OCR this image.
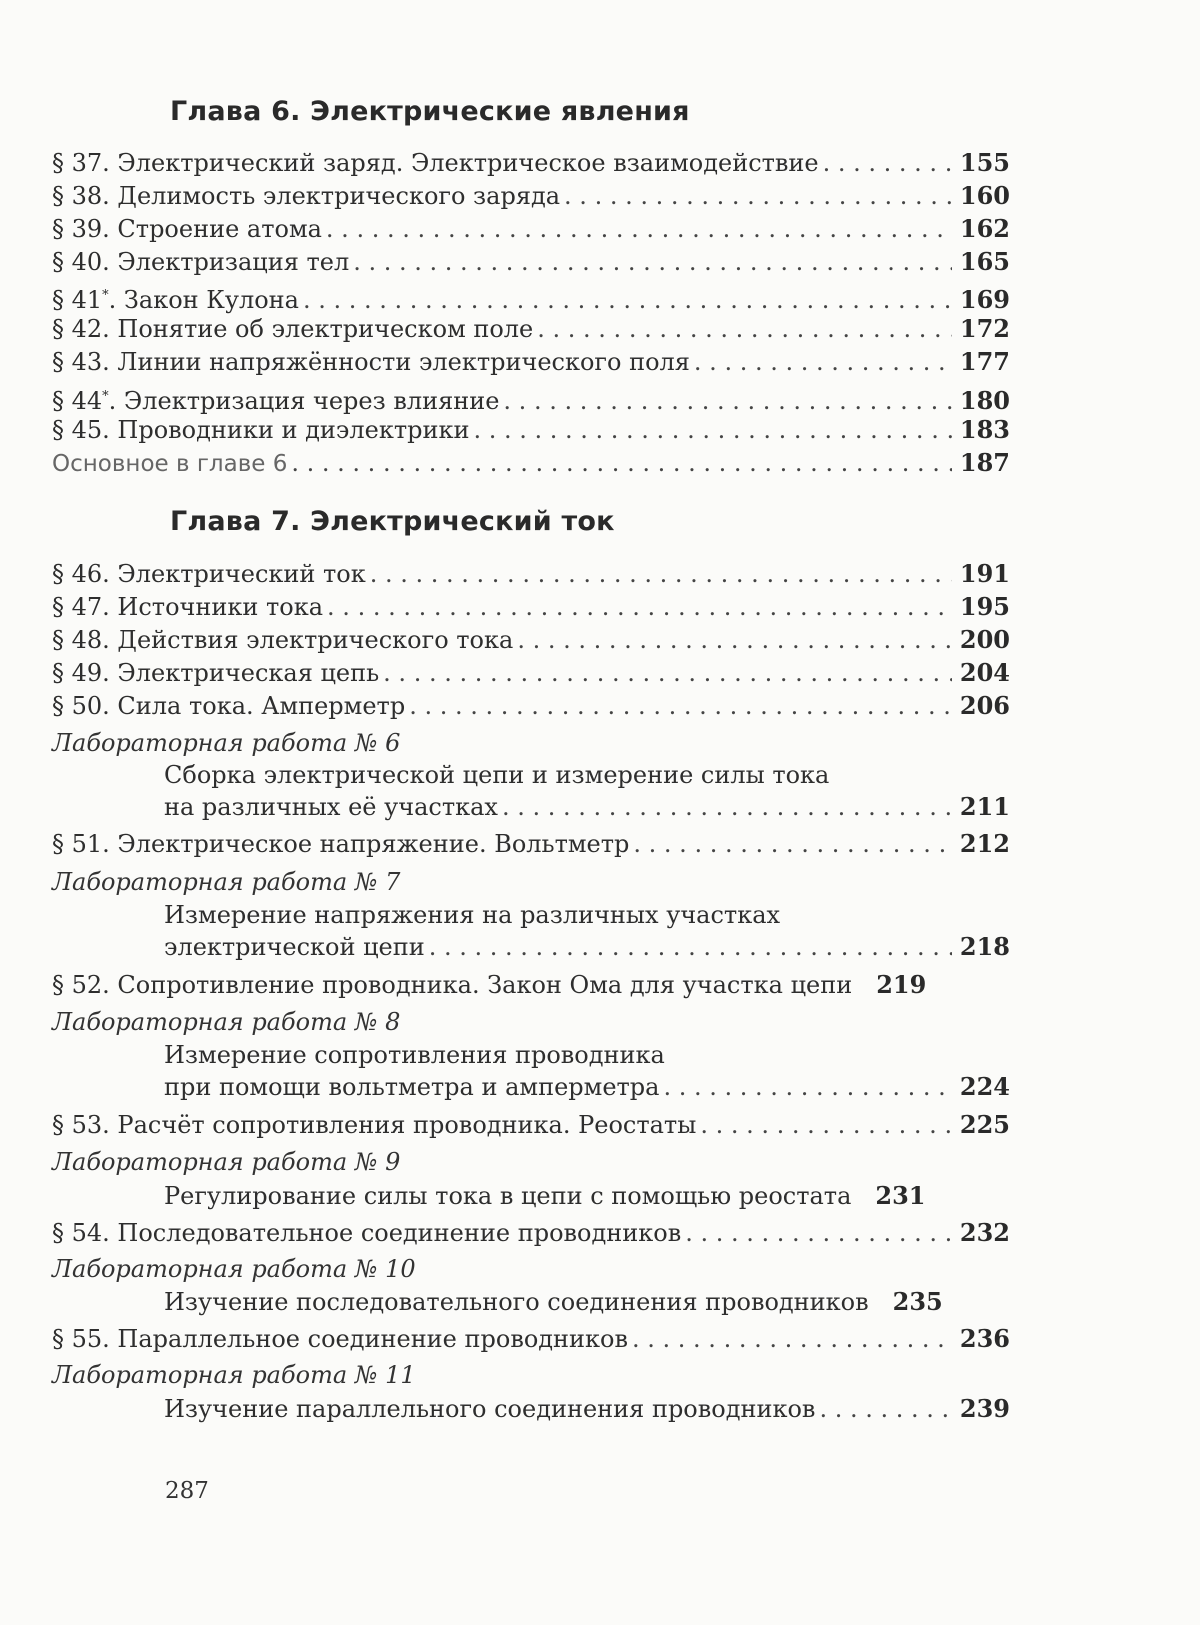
Глава 6. Электрические явления
§ 37. Электрический заряд. Электрическое взаимодействие . . .	155
§ 38. Делимость электрического заряда . . .	160
§ 39. Строение атома . . .	162
§ 40. Электризация тел . . .	165
§ 41*. Закон Кулона . . .	169
§ 42. Понятие об электрическом поле . . .	172
§ 43. Линии напряжённости электрического поля . . .	177
§ 44*. Электризация через влияние . . .	180
§ 45. Проводники и диэлектрики . . .	183
Основное в главе 6 . . .	187
Глава 7. Электрический ток
§ 46. Электрический ток . . .	191
§ 47. Источники тока . . .	195
§ 48. Действия электрического тока . . .	200
§ 49. Электрическая цепь . . .	204
§ 50. Сила тока. Амперметр . . .	206

Лабораторная работа № 6

Сборка электрической цепи и измерение силы тока

на различных её участках . . .	211
§ 51. Электрическое напряжение. Вольтметр . . .	212

Лабораторная работа № 7

Измерение напряжения на различных участках

электрической цепи . . .	218
§ 52. Сопротивление проводника. Закон Ома для участка цепи 219

Лабораторная работа № 8

Измерение сопротивления проводника

при помощи вольтметра и амперметра . . .	224
§ 53. Расчёт сопротивления проводника. Реостаты . . .	225

Лабораторная работа № 9

Регулирование силы тока в цепи с помощью реостата 231
§ 54. Последовательное соединение проводников . . .	232

Лабораторная работа № 10

Изучение последовательного соединения проводников 235
§ 55. Параллельное соединение проводников . . .	236

Лабораторная работа № 11

Изучение параллельного соединения проводников . . .	239

287
